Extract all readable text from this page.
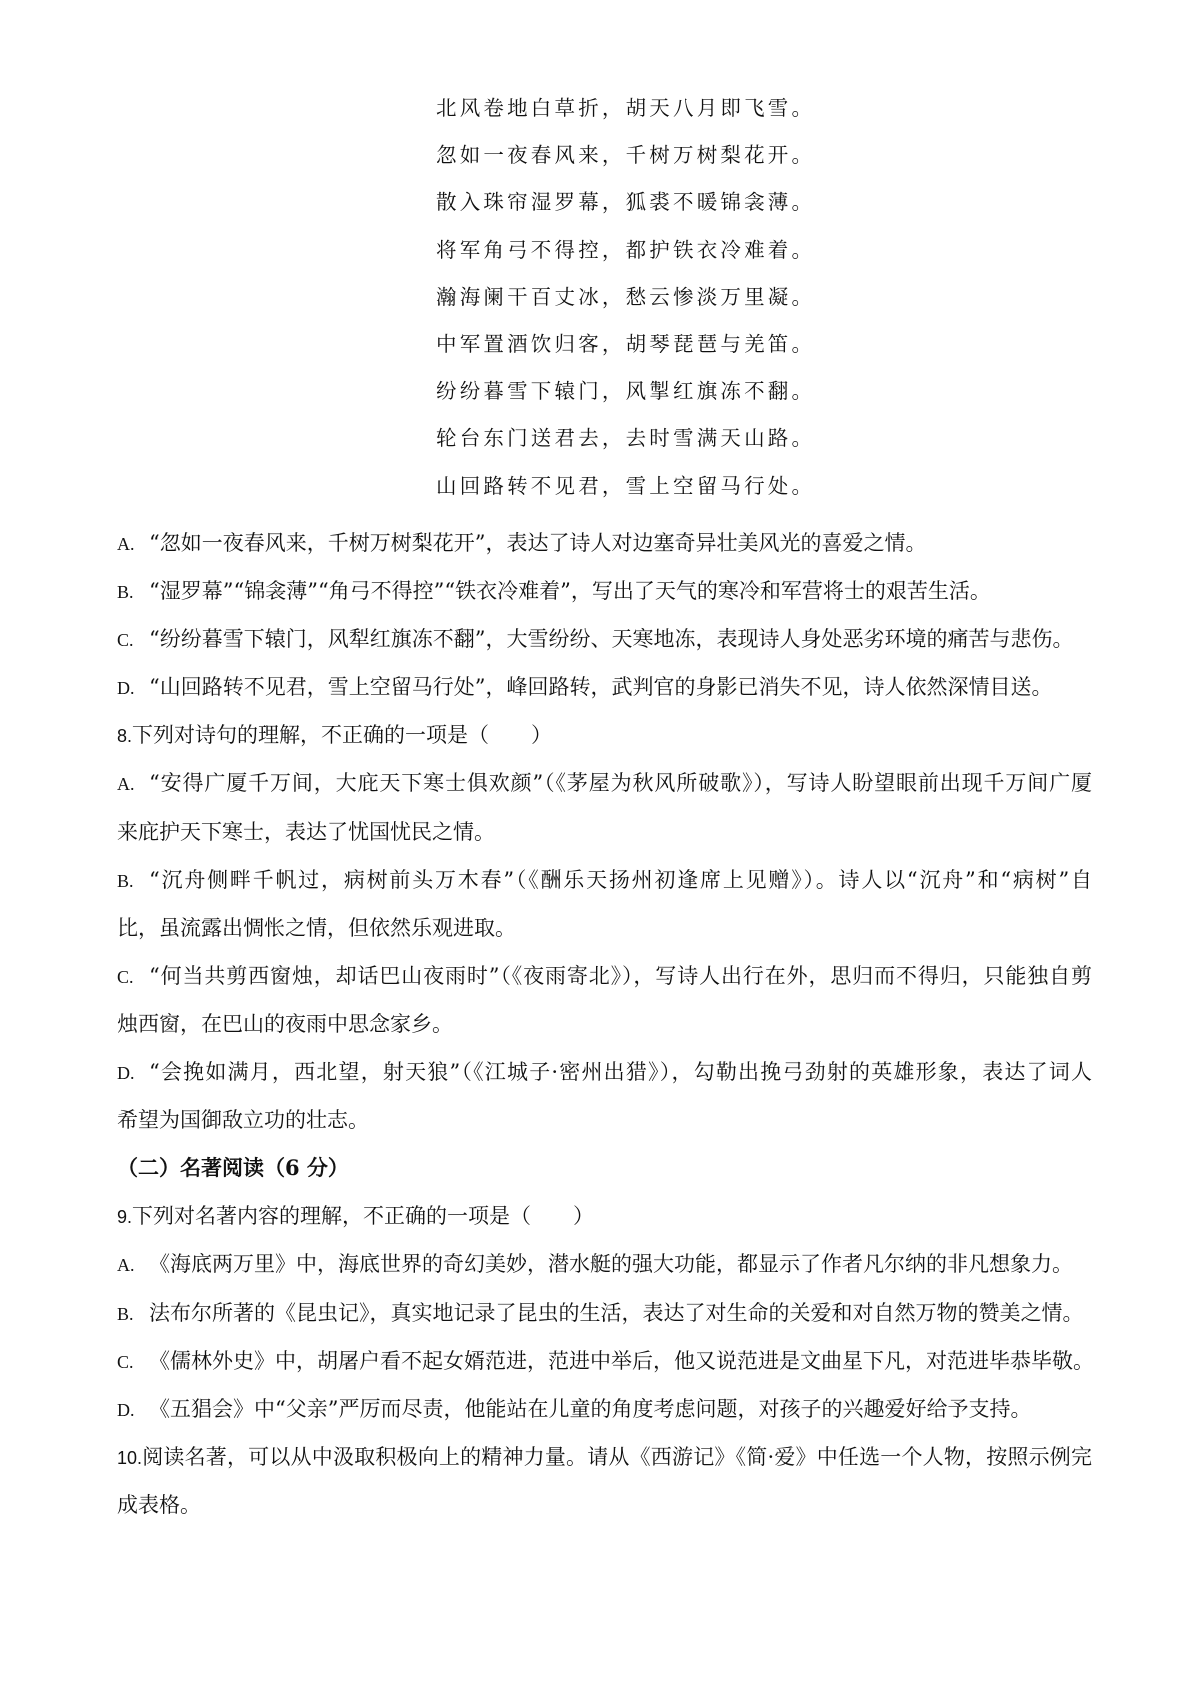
北风卷地白草折，胡天八月即飞雪。
忽如一夜春风来，千树万树梨花开。
散入珠帘湿罗幕，狐裘不暖锦衾薄。
将军角弓不得控，都护铁衣冷难着。
瀚海阑干百丈冰，愁云惨淡万里凝。
中军置酒饮归客，胡琴琵琶与羌笛。
纷纷暮雪下辕门，风掣红旗冻不翻。
轮台东门送君去，去时雪满天山路。
山回路转不见君，雪上空留马行处。
A. “忽如一夜春风来，千树万树梨花开”，表达了诗人对边塞奇异壮美风光的喜爱之情。
B. “湿罗幕”“锦衾薄”“角弓不得控”“铁衣冷难着”，写出了天气的寒冷和军营将士的艰苦生活。
C. “纷纷暮雪下辕门，风犁红旗冻不翻”，大雪纷纷、天寒地冻，表现诗人身处恶劣环境的痛苦与悲伤。
D. “山回路转不见君，雪上空留马行处”，峰回路转，武判官的身影已消失不见，诗人依然深情目送。
8.下列对诗句的理解，不正确的一项是（　　）
A. “安得广厦千万间，大庇天下寒士俱欢颜”（《茅屋为秋风所破歌》），写诗人盼望眼前出现千万间广厦
来庇护天下寒士，表达了忧国忧民之情。
B. “沉舟侧畔千帆过，病树前头万木春”（《酬乐天扬州初逢席上见赠》）。诗人以“沉舟”和“病树”自
比，虽流露出惆怅之情，但依然乐观进取。
C. “何当共剪西窗烛，却话巴山夜雨时”（《夜雨寄北》），写诗人出行在外，思归而不得归，只能独自剪
烛西窗，在巴山的夜雨中思念家乡。
D. “会挽如满月，西北望，射天狼”（《江城子·密州出猎》），勾勒出挽弓劲射的英雄形象，表达了词人
希望为国御敌立功的壮志。
（二）名著阅读（6 分）
9.下列对名著内容的理解，不正确的一项是（　　）
A. 《海底两万里》中，海底世界的奇幻美妙，潜水艇的强大功能，都显示了作者凡尔纳的非凡想象力。
B. 法布尔所著的《昆虫记》，真实地记录了昆虫的生活，表达了对生命的关爱和对自然万物的赞美之情。
C. 《儒林外史》中，胡屠户看不起女婿范进，范进中举后，他又说范进是文曲星下凡，对范进毕恭毕敬。
D. 《五猖会》中“父亲”严厉而尽责，他能站在儿童的角度考虑问题，对孩子的兴趣爱好给予支持。
10.阅读名著，可以从中汲取积极向上的精神力量。请从《西游记》《简·爱》中任选一个人物，按照示例完
成表格。
